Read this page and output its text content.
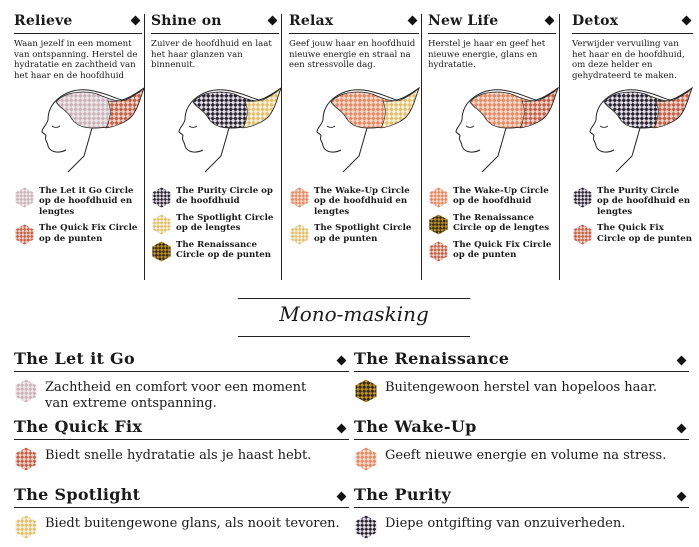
Relieve
Waan jezelf in een moment van ontspanning. Herstel de hydratatie en zachtheid van het haar en de hoofdhuid
The Let it Go Circle op de hoofdhuid en lengtes
The Quick Fix Circle op de punten
Shine on
Zuiver de hoofdhuid en laat het haar glanzen van binnenuit.
The Purity Circle op de hoofdhuid
The Spotlight Circle op de lengtes
The Renaissance Circle op de punten
Relax
Geef jouw haar en hoofdhuid nieuwe energie en straal na een stressvolle dag.
The Wake-Up Circle op de hoofdhuid en lengtes
The Spotlight Circle op de punten
New Life
Herstel je haar en geef het nieuwe energie, glans en hydratatie.
The Wake-Up Circle op de hoofdhuid
The Renaissance Circle op de lengtes
The Quick Fix Circle op de punten
Detox
Verwijder vervuiling van het haar en de hoofdhuid, om deze helder en gehydrateerd te maken.
The Purity Circle op de hoofdhuid en lengtes
The Quick Fix Circle op de punten
Mono-masking
The Let it Go
Zachtheid en comfort voor een moment van extreme ontspanning.
The Renaissance
Buitengewoon herstel van hopeloos haar.
The Quick Fix
Biedt snelle hydratatie als je haast hebt.
The Wake-Up
Geeft nieuwe energie en volume na stress.
The Spotlight
Biedt buitengewone glans, als nooit tevoren.
The Purity
Diepe ontgifting van onzuiverheden.
